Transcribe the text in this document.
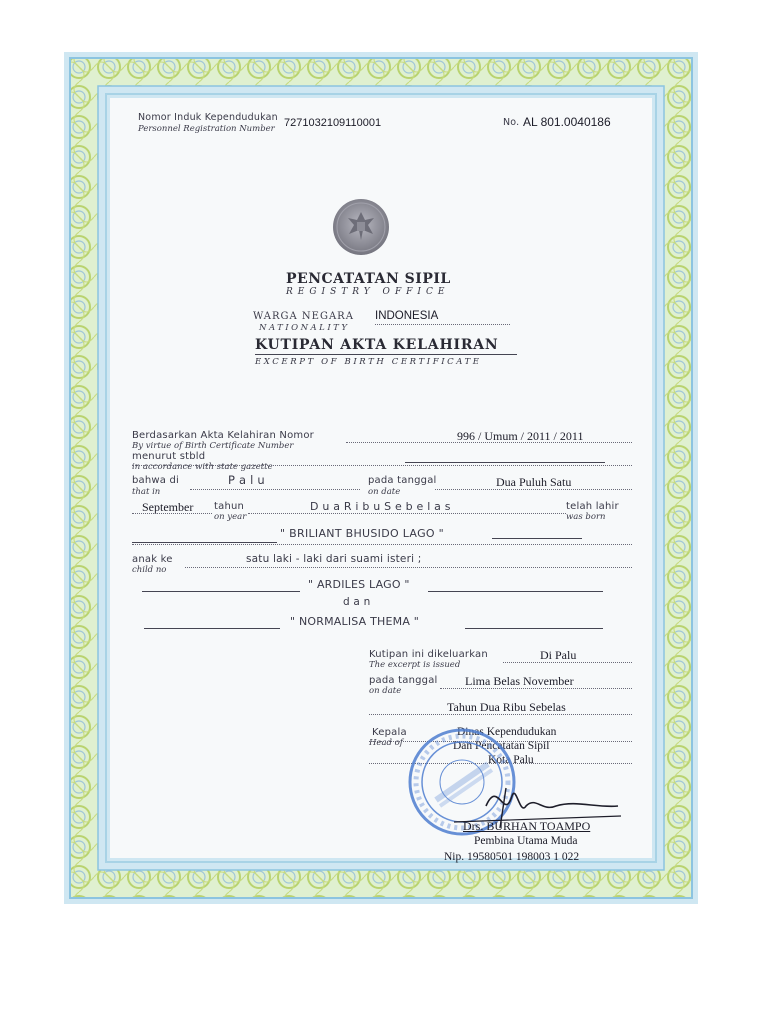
Nomor Induk Kependudukan
Personnel Registration Number 7271032109110001	No. AL 801.0040186
PENCATATAN SIPIL
REGISTRY OFFICE
WARGA NEGARA
NATIONALITY
INDONESIA
KUTIPAN AKTA KELAHIRAN
EXCERPT OF BIRTH CERTIFICATE
Berdasarkan Akta Kelahiran Nomor
By virtue of Birth Certificate Number
996 / Umum / 2011 / 2011
menurut stbld
in accordance with state gazette
bahwa di
that in
P a l u	pada tanggal
on date
Dua Puluh Satu
September tahun
on year
D u a R i b u S e b e l a s	telah lahir
was born
" BRILIANT BHUSIDO LAGO "
anak ke
child no
satu laki - laki dari suami isteri ;
" ARDILES LAGO "
d a n
" NORMALISA THEMA "
Kutipan ini dikeluarkan
The excerpt is issued
Di Palu
pada tanggal
on date
Lima Belas November
Tahun Dua Ribu Sebelas
Kepala
Head of
Dinas Kependudukan
Dan Pencatatan Sipil
Kota Palu
Drs. BURHAN TOAMPO
Pembina Utama Muda
Nip. 19580501 198003 1 022
